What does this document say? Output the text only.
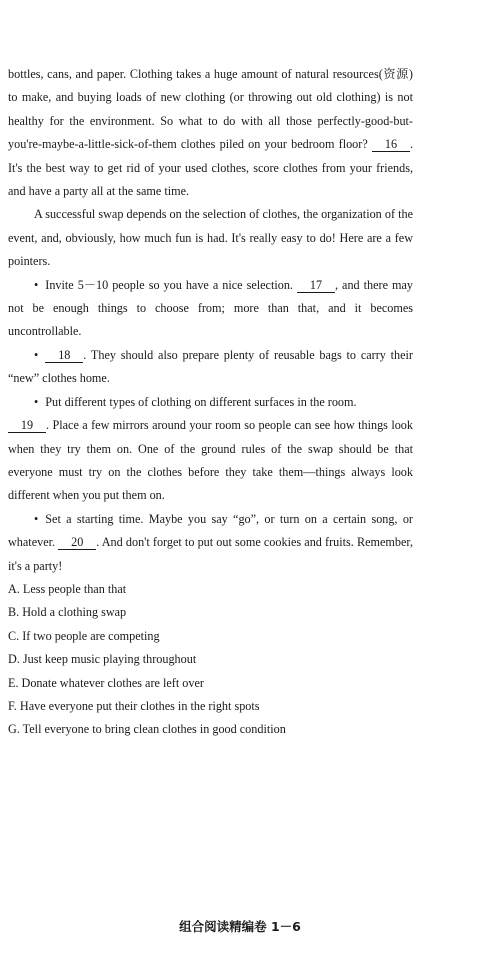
bottles, cans, and paper. Clothing takes a huge amount of natural resources(资源) to make, and buying loads of new clothing (or throwing out old clothing) is not healthy for the environment. So what to do with all those perfectly-good-but-you're-maybe-a-little-sick-of-them clothes piled on your bedroom floor? 16 . It's the best way to get rid of your used clothes, score clothes from your friends, and have a party all at the same time.

A successful swap depends on the selection of clothes, the organization of the event, and, obviously, how much fun is had. It's really easy to do! Here are a few pointers.

• Invite 5－10 people so you have a nice selection. 17 , and there may not be enough things to choose from; more than that, and it becomes uncontrollable.

• 18 . They should also prepare plenty of reusable bags to carry their “new” clothes home.

• Put different types of clothing on different surfaces in the room.
19 . Place a few mirrors around your room so people can see how things look when they try them on. One of the ground rules of the swap should be that everyone must try on the clothes before they take them—things always look different when you put them on.

• Set a starting time. Maybe you say “go”, or turn on a certain song, or whatever. 20 . And don't forget to put out some cookies and fruits. Remember, it's a party!

A. Less people than that
B. Hold a clothing swap
C. If two people are competing
D. Just keep music playing throughout
E. Donate whatever clothes are left over
F. Have everyone put their clothes in the right spots
G. Tell everyone to bring clean clothes in good condition
组合阅读精编卷 1－6
